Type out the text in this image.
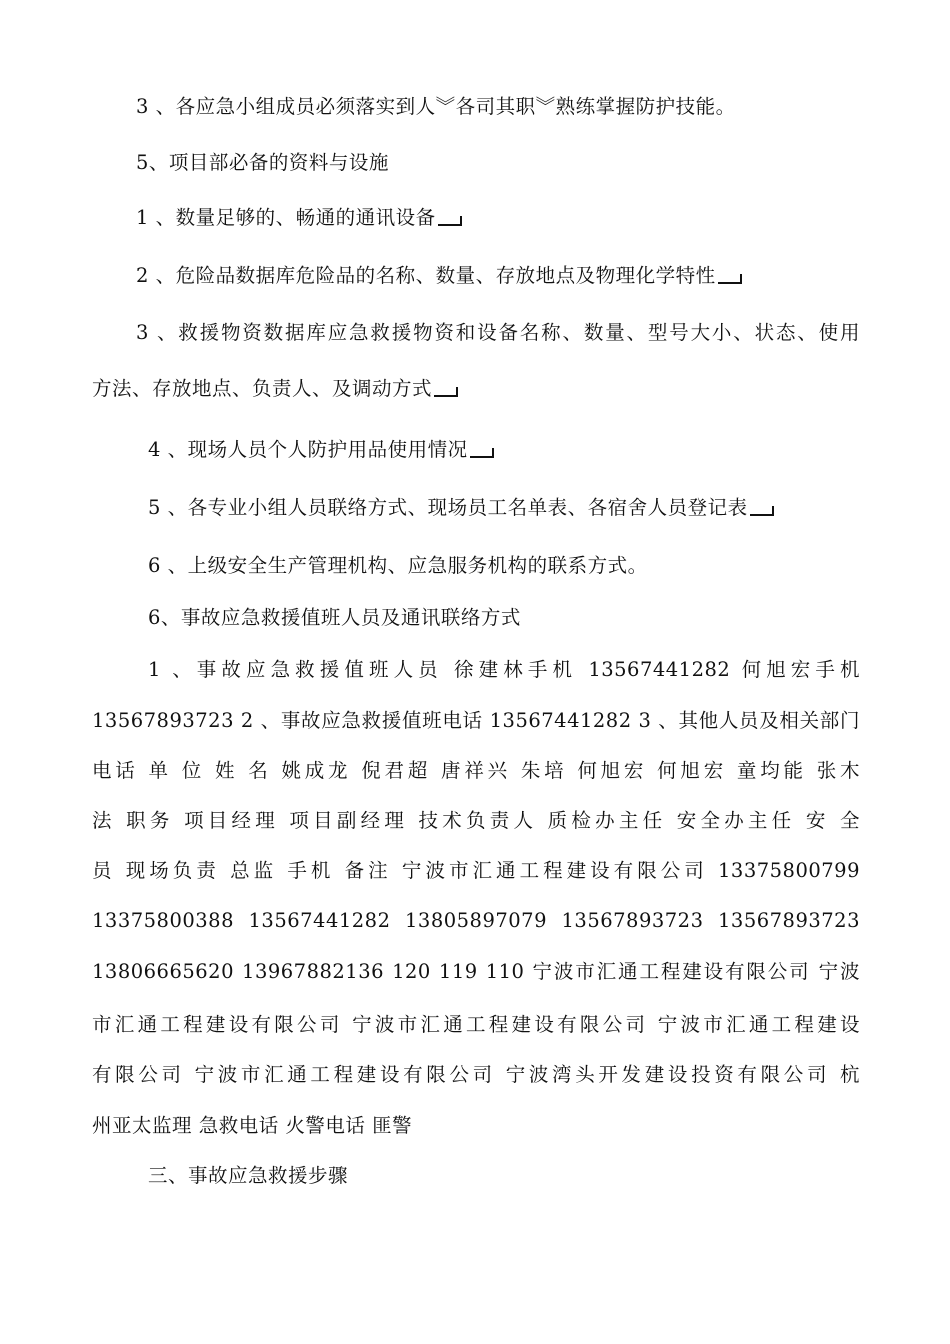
3 、各应急小组成员必须落实到人︾各司其职︾熟练掌握防护技能。
5、项目部必备的资料与设施
1 、数量足够的、畅通的通讯设备
2 、危险品数据库危险品的名称、数量、存放地点及物理化学特性
3 、救援物资数据库应急救援物资和设备名称、数量、型号大小、状态、使用
方法、存放地点、负责人、及调动方式
4 、现场人员个人防护用品使用情况
5 、各专业小组人员联络方式、现场员工名单表、各宿舍人员登记表
6 、上级安全生产管理机构、应急服务机构的联系方式。
6、事故应急救援值班人员及通讯联络方式
1 、事故应急救援值班人员 徐建林手机 13567441282 何旭宏手机
13567893723 2 、事故应急救援值班电话 13567441282 3 、其他人员及相关部门
电话 单 位 姓 名 姚成龙 倪君超 唐祥兴 朱培 何旭宏 何旭宏 童均能 张木
法 职务 项目经理 项目副经理 技术负责人 质检办主任 安全办主任 安 全
员 现场负责 总监 手机 备注 宁波市汇通工程建设有限公司 13375800799
13375800388 13567441282 13805897079 13567893723 13567893723
13806665620 13967882136 120 119 110 宁波市汇通工程建设有限公司 宁波
市汇通工程建设有限公司 宁波市汇通工程建设有限公司 宁波市汇通工程建设
有限公司 宁波市汇通工程建设有限公司 宁波湾头开发建设投资有限公司 杭
州亚太监理 急救电话 火警电话 匪警
三、事故应急救援步骤
